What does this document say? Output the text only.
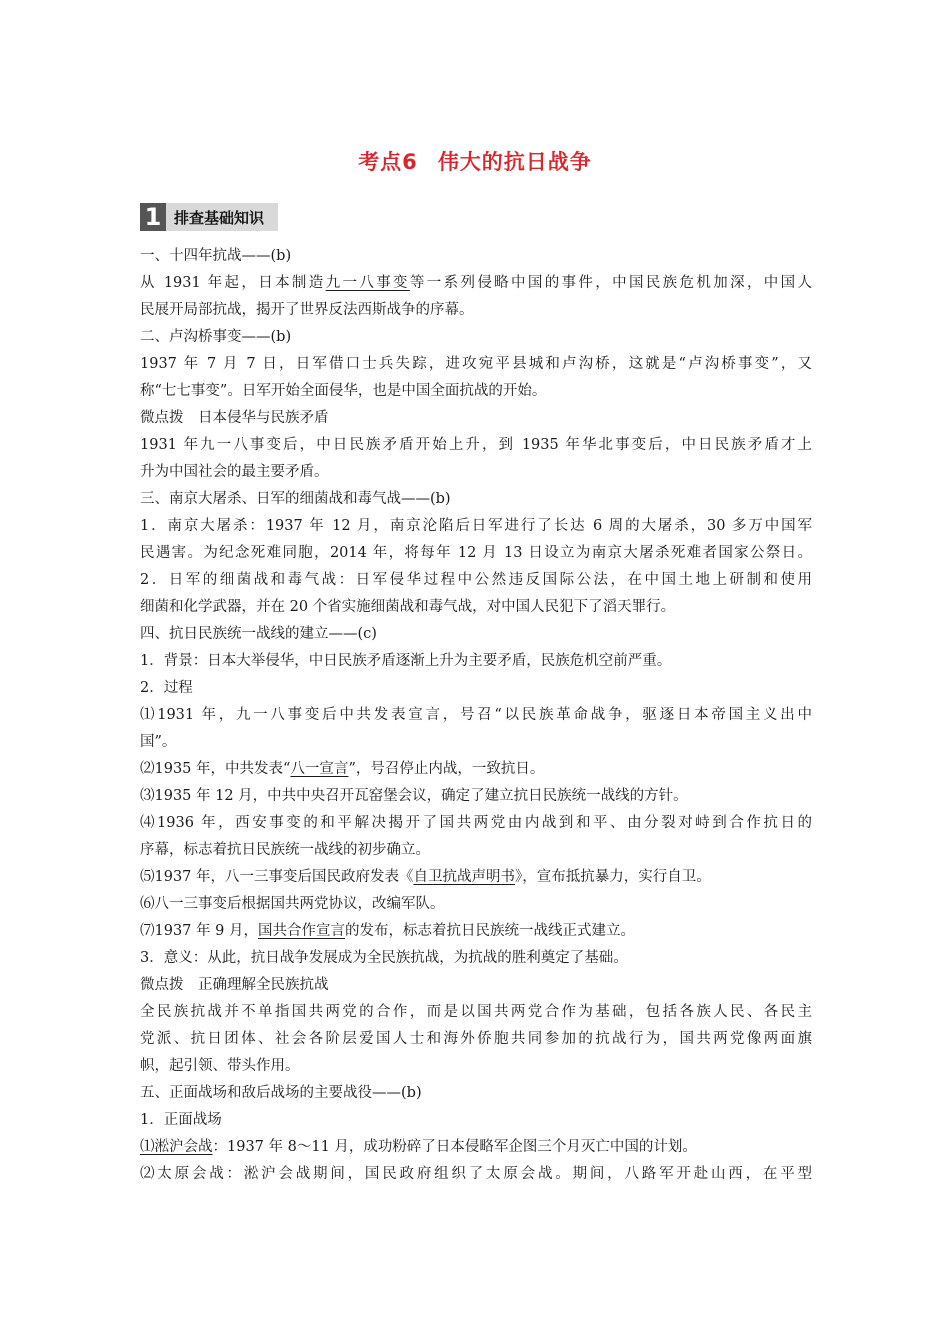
考点6 伟大的抗日战争
1 排查基础知识
一、十四年抗战——(b)
从 1931 年起，日本制造九一八事变等一系列侵略中国的事件，中国民族危机加深，中国人
民展开局部抗战，揭开了世界反法西斯战争的序幕。
二、卢沟桥事变——(b)
1937 年 7 月 7 日，日军借口士兵失踪，进攻宛平县城和卢沟桥，这就是“卢沟桥事变”，又
称“七七事变”。日军开始全面侵华，也是中国全面抗战的开始。
微点拨　日本侵华与民族矛盾
1931 年九一八事变后，中日民族矛盾开始上升，到 1935 年华北事变后，中日民族矛盾才上
升为中国社会的最主要矛盾。
三、南京大屠杀、日军的细菌战和毒气战——(b)
1．南京大屠杀：1937 年 12 月，南京沦陷后日军进行了长达 6 周的大屠杀，30 多万中国军
民遇害。为纪念死难同胞，2014 年，将每年 12 月 13 日设立为南京大屠杀死难者国家公祭日。
2．日军的细菌战和毒气战：日军侵华过程中公然违反国际公法，在中国土地上研制和使用
细菌和化学武器，并在 20 个省实施细菌战和毒气战，对中国人民犯下了滔天罪行。
四、抗日民族统一战线的建立——(c)
1．背景：日本大举侵华，中日民族矛盾逐渐上升为主要矛盾，民族危机空前严重。
2．过程
⑴1931 年，九一八事变后中共发表宣言，号召“以民族革命战争，驱逐日本帝国主义出中
国”。
⑵1935 年，中共发表“八一宣言”，号召停止内战，一致抗日。
⑶1935 年 12 月，中共中央召开瓦窑堡会议，确定了建立抗日民族统一战线的方针。
⑷1936 年，西安事变的和平解决揭开了国共两党由内战到和平、由分裂对峙到合作抗日的
序幕，标志着抗日民族统一战线的初步确立。
⑸1937 年，八一三事变后国民政府发表《自卫抗战声明书》，宣布抵抗暴力，实行自卫。
⑹八一三事变后根据国共两党协议，改编军队。
⑺1937 年 9 月，国共合作宣言的发布，标志着抗日民族统一战线正式建立。
3．意义：从此，抗日战争发展成为全民族抗战，为抗战的胜利奠定了基础。
微点拨　正确理解全民族抗战
全民族抗战并不单指国共两党的合作，而是以国共两党合作为基础，包括各族人民、各民主
党派、抗日团体、社会各阶层爱国人士和海外侨胞共同参加的抗战行为，国共两党像两面旗
帜，起引领、带头作用。
五、正面战场和敌后战场的主要战役——(b)
1．正面战场
⑴淞沪会战：1937 年 8～11 月，成功粉碎了日本侵略军企图三个月灭亡中国的计划。
⑵太原会战：淞沪会战期间，国民政府组织了太原会战。期间，八路军开赴山西，在平型
